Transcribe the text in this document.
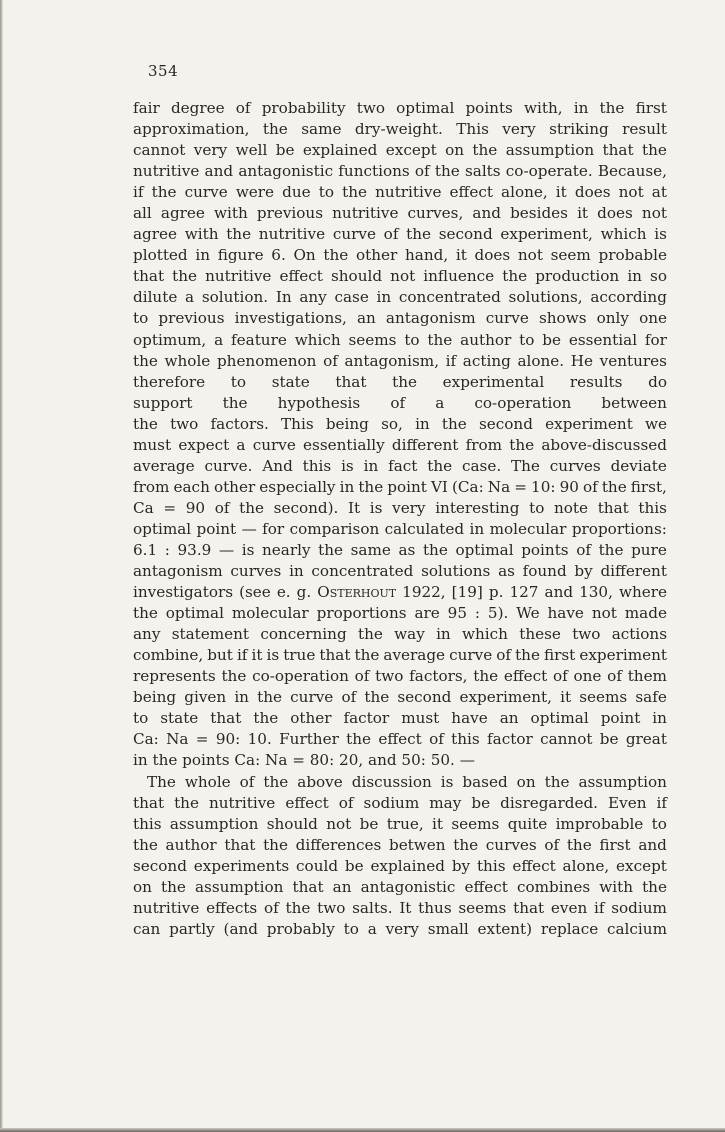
354
fair degree of probability two optimal points with, in the first
approximation, the same dry-weight. This very striking result
cannot very well be explained except on the assumption that the
nutritive and antagonistic functions of the salts co-operate. Because,
if the curve were due to the nutritive effect alone, it does not at
all agree with previous nutritive curves, and besides it does not
agree with the nutritive curve of the second experiment, which is
plotted in figure 6. On the other hand, it does not seem probable
that the nutritive effect should not influence the production in so
dilute a solution. In any case in concentrated solutions, according
to previous investigations, an antagonism curve shows only one
optimum, a feature which seems to the author to be essential for
the whole phenomenon of antagonism, if acting alone. He ventures
therefore to state that the experimental results do
support the hypothesis of a co-operation between
the two factors. This being so, in the second experiment we
must expect a curve essentially different from the above-discussed
average curve. And this is in fact the case. The curves deviate
from each other especially in the point VI (Ca: Na = 10: 90 of the first,
Ca = 90 of the second). It is very interesting to note that this
optimal point — for comparison calculated in molecular proportions:
6.1 : 93.9 — is nearly the same as the optimal points of the pure
antagonism curves in concentrated solutions as found by different
investigators (see e. g. Osterhout 1922, [19] p. 127 and 130, where
the optimal molecular proportions are 95 : 5). We have not made
any statement concerning the way in which these two actions
combine, but if it is true that the average curve of the first experiment
represents the co-operation of two factors, the effect of one of them
being given in the curve of the second experiment, it seems safe
to state that the other factor must have an optimal point in
Ca: Na = 90: 10. Further the effect of this factor cannot be great
in
the
points
Ca:
Na
=
80:
20,
and
50:
50.
—
The whole of the above discussion is based on the assumption
that the nutritive effect of sodium may be disregarded. Even if
this assumption should not be true, it seems quite improbable to
the author that the differences betwen the curves of the first and
second experiments could be explained by this effect alone, except
on the assumption that an antagonistic effect combines with the
nutritive effects of the two salts. It thus seems that even if sodium
can partly (and probably to a very small extent) replace calcium
